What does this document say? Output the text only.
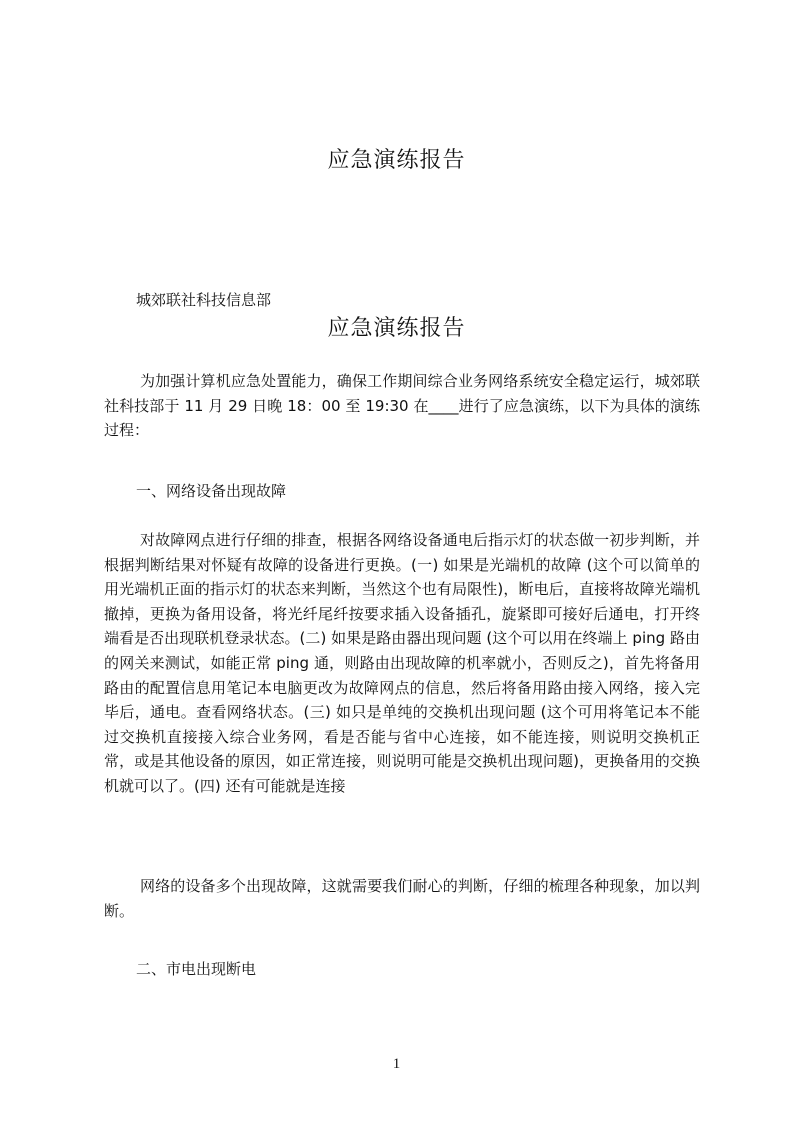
应急演练报告
城郊联社科技信息部
应急演练报告

为加强计算机应急处置能力，确保工作期间综合业务网络系统安全稳定运行，城郊联社科技部于 11 月 29 日晚 18：00 至 19:30 在____进行了应急演练，以下为具体的演练过程：

一、网络设备出现故障

对故障网点进行仔细的排查，根据各网络设备通电后指示灯的状态做一初步判断，并根据判断结果对怀疑有故障的设备进行更换。(一) 如果是光端机的故障 (这个可以简单的用光端机正面的指示灯的状态来判断，当然这个也有局限性)，断电后，直接将故障光端机撤掉，更换为备用设备，将光纤尾纤按要求插入设备插孔，旋紧即可接好后通电，打开终端看是否出现联机登录状态。(二) 如果是路由器出现问题 (这个可以用在终端上 ping 路由的网关来测试，如能正常 ping 通，则路由出现故障的机率就小，否则反之)，首先将备用路由的配置信息用笔记本电脑更改为故障网点的信息，然后将备用路由接入网络，接入完毕后，通电。查看网络状态。(三) 如只是单纯的交换机出现问题 (这个可用将笔记本不能过交换机直接接入综合业务网，看是否能与省中心连接，如不能连接，则说明交换机正常，或是其他设备的原因，如正常连接，则说明可能是交换机出现问题)，更换备用的交换机就可以了。(四) 还有可能就是连接

网络的设备多个出现故障，这就需要我们耐心的判断，仔细的梳理各种现象，加以判断。

二、市电出现断电
1
